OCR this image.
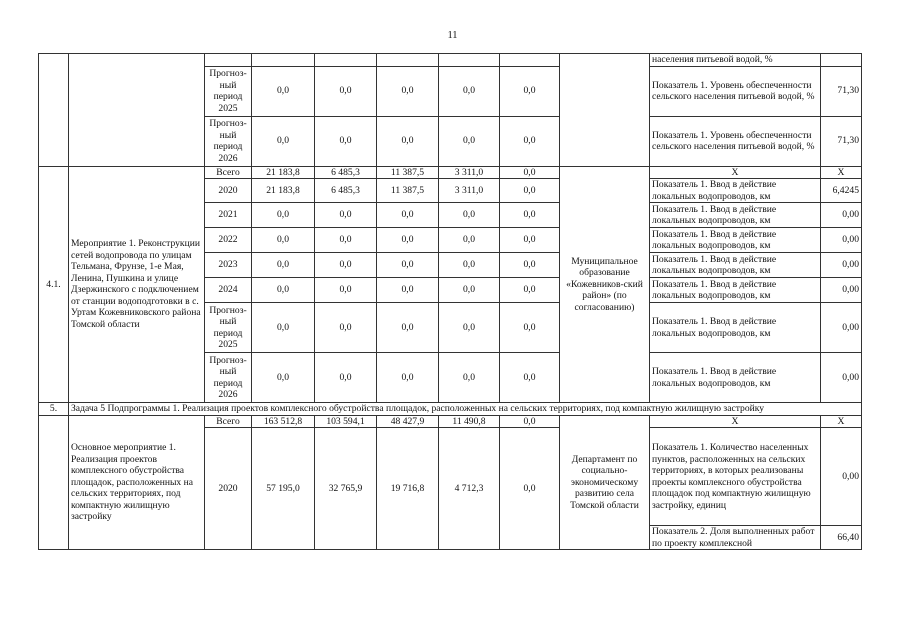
11
									населения питьевой водой, %	
		Прогноз-ный период 2025	0,0	0,0	0,0	0,0	0,0		Показатель 1. Уровень обеспеченности сельского населения питьевой водой, %	71,30
		Прогноз-ный период 2026	0,0	0,0	0,0	0,0	0,0		Показатель 1. Уровень обеспеченности сельского населения питьевой водой, %	71,30
4.1.	Мероприятие 1. Реконструкции сетей водопровода по улицам Тельмана, Фрунзе, 1-е Мая, Ленина, Пушкина и улице Дзержинского с подключением от станции водоподготовки в с. Уртам Кожевниковского района Томской области	Всего	21 183,8	6 485,3	11 387,5	3 311,0	0,0	Муниципальное образование «Кожевников-ский район» (по согласованию)	Х	Х
		2020	21 183,8	6 485,3	11 387,5	3 311,0	0,0		Показатель 1. Ввод в действие локальных водопроводов, км	6,4245
		2021	0,0	0,0	0,0	0,0	0,0		Показатель 1. Ввод в действие локальных водопроводов, км	0,00
		2022	0,0	0,0	0,0	0,0	0,0		Показатель 1. Ввод в действие локальных водопроводов, км	0,00
		2023	0,0	0,0	0,0	0,0	0,0		Показатель 1. Ввод в действие локальных водопроводов, км	0,00
		2024	0,0	0,0	0,0	0,0	0,0		Показатель 1. Ввод в действие локальных водопроводов, км	0,00
		Прогноз-ный период 2025	0,0	0,0	0,0	0,0	0,0		Показатель 1. Ввод в действие локальных водопроводов, км	0,00
		Прогноз-ный период 2026	0,0	0,0	0,0	0,0	0,0		Показатель 1. Ввод в действие локальных водопроводов, км	0,00
5.	Задача 5 Подпрограммы 1. Реализация проектов комплексного обустройства площадок, расположенных на сельских территориях, под компактную жилищную застройку									
	Основное мероприятие 1. Реализация проектов комплексного обустройства площадок, расположенных на сельских территориях, под компактную жилищную застройку	Всего	163 512,8	103 594,1	48 427,9	11 490,8	0,0	Департамент по социально-экономическому развитию села Томской области	Х	Х
		2020	57 195,0	32 765,9	19 716,8	4 712,3	0,0		Показатель 1. Количество населенных пунктов, расположенных на сельских территориях, в которых реализованы проекты комплексного обустройства площадок под компактную жилищную застройку, единиц	0,00
									Показатель 2. Доля выполненных работ по проекту комплексной	66,40
